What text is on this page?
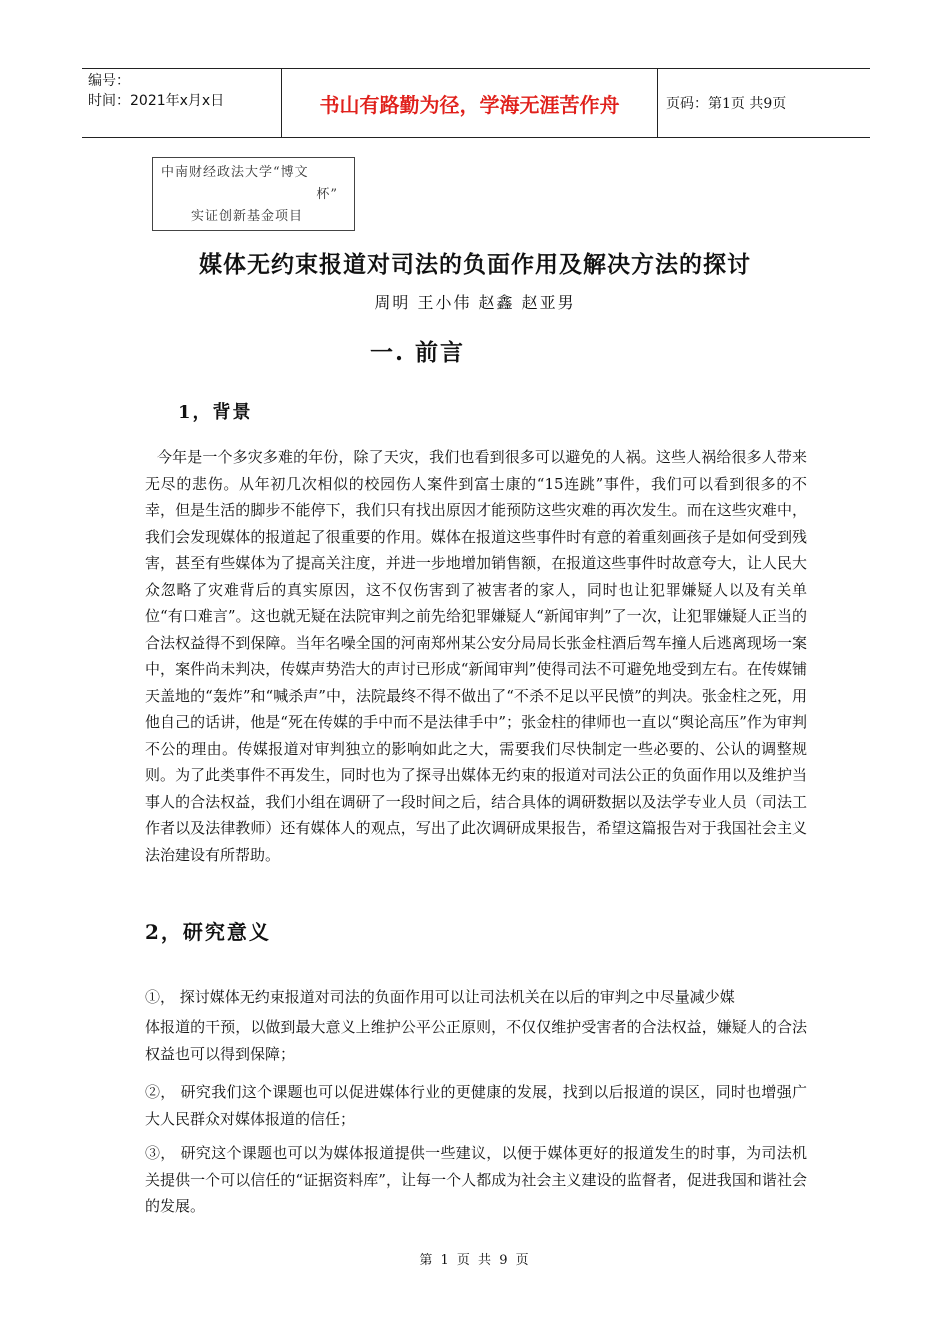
编号：
时间：2021年x月x日	书山有路勤为径，学海无涯苦作舟	页码：第1页 共9页
中南财经政法大学“博文
杯”
实证创新基金项目
媒体无约束报道对司法的负面作用及解决方法的探讨
周明 王小伟 赵鑫 赵亚男
一. 前言
1，背景

今年是一个多灾多难的年份，除了天灾，我们也看到很多可以避免的人祸。这些人祸给很多人带来无尽的悲伤。从年初几次相似的校园伤人案件到富士康的“15连跳”事件，我们可以看到很多的不幸，但是生活的脚步不能停下，我们只有找出原因才能预防这些灾难的再次发生。而在这些灾难中，我们会发现媒体的报道起了很重要的作用。媒体在报道这些事件时有意的着重刻画孩子是如何受到残害，甚至有些媒体为了提高关注度，并进一步地增加销售额，在报道这些事件时故意夸大，让人民大众忽略了灾难背后的真实原因，这不仅伤害到了被害者的家人，同时也让犯罪嫌疑人以及有关单位“有口难言”。这也就无疑在法院审判之前先给犯罪嫌疑人“新闻审判”了一次，让犯罪嫌疑人正当的合法权益得不到保障。当年名噪全国的河南郑州某公安分局局长张金柱酒后驾车撞人后逃离现场一案中，案件尚未判决，传媒声势浩大的声讨已形成“新闻审判”使得司法不可避免地受到左右。在传媒铺天盖地的“轰炸”和“喊杀声”中，法院最终不得不做出了“不杀不足以平民愤”的判决。张金柱之死，用他自己的话讲，他是“死在传媒的手中而不是法律手中”；张金柱的律师也一直以“舆论高压”作为审判不公的理由。传媒报道对审判独立的影响如此之大，需要我们尽快制定一些必要的、公认的调整规则。为了此类事件不再发生，同时也为了探寻出媒体无约束的报道对司法公正的负面作用以及维护当事人的合法权益，我们小组在调研了一段时间之后，结合具体的调研数据以及法学专业人员（司法工作者以及法律教师）还有媒体人的观点，写出了此次调研成果报告，希望这篇报告对于我国社会主义法治建设有所帮助。

2，研究意义

①， 探讨媒体无约束报道对司法的负面作用可以让司法机关在以后的审判之中尽量减少媒

体报道的干预，以做到最大意义上维护公平公正原则，不仅仅维护受害者的合法权益，嫌疑人的合法权益也可以得到保障；

②， 研究我们这个课题也可以促进媒体行业的更健康的发展，找到以后报道的误区，同时也增强广大人民群众对媒体报道的信任；

③， 研究这个课题也可以为媒体报道提供一些建议，以便于媒体更好的报道发生的时事，为司法机关提供一个可以信任的“证据资料库”，让每一个人都成为社会主义建设的监督者，促进我国和谐社会的发展。

第 1 页 共 9 页
